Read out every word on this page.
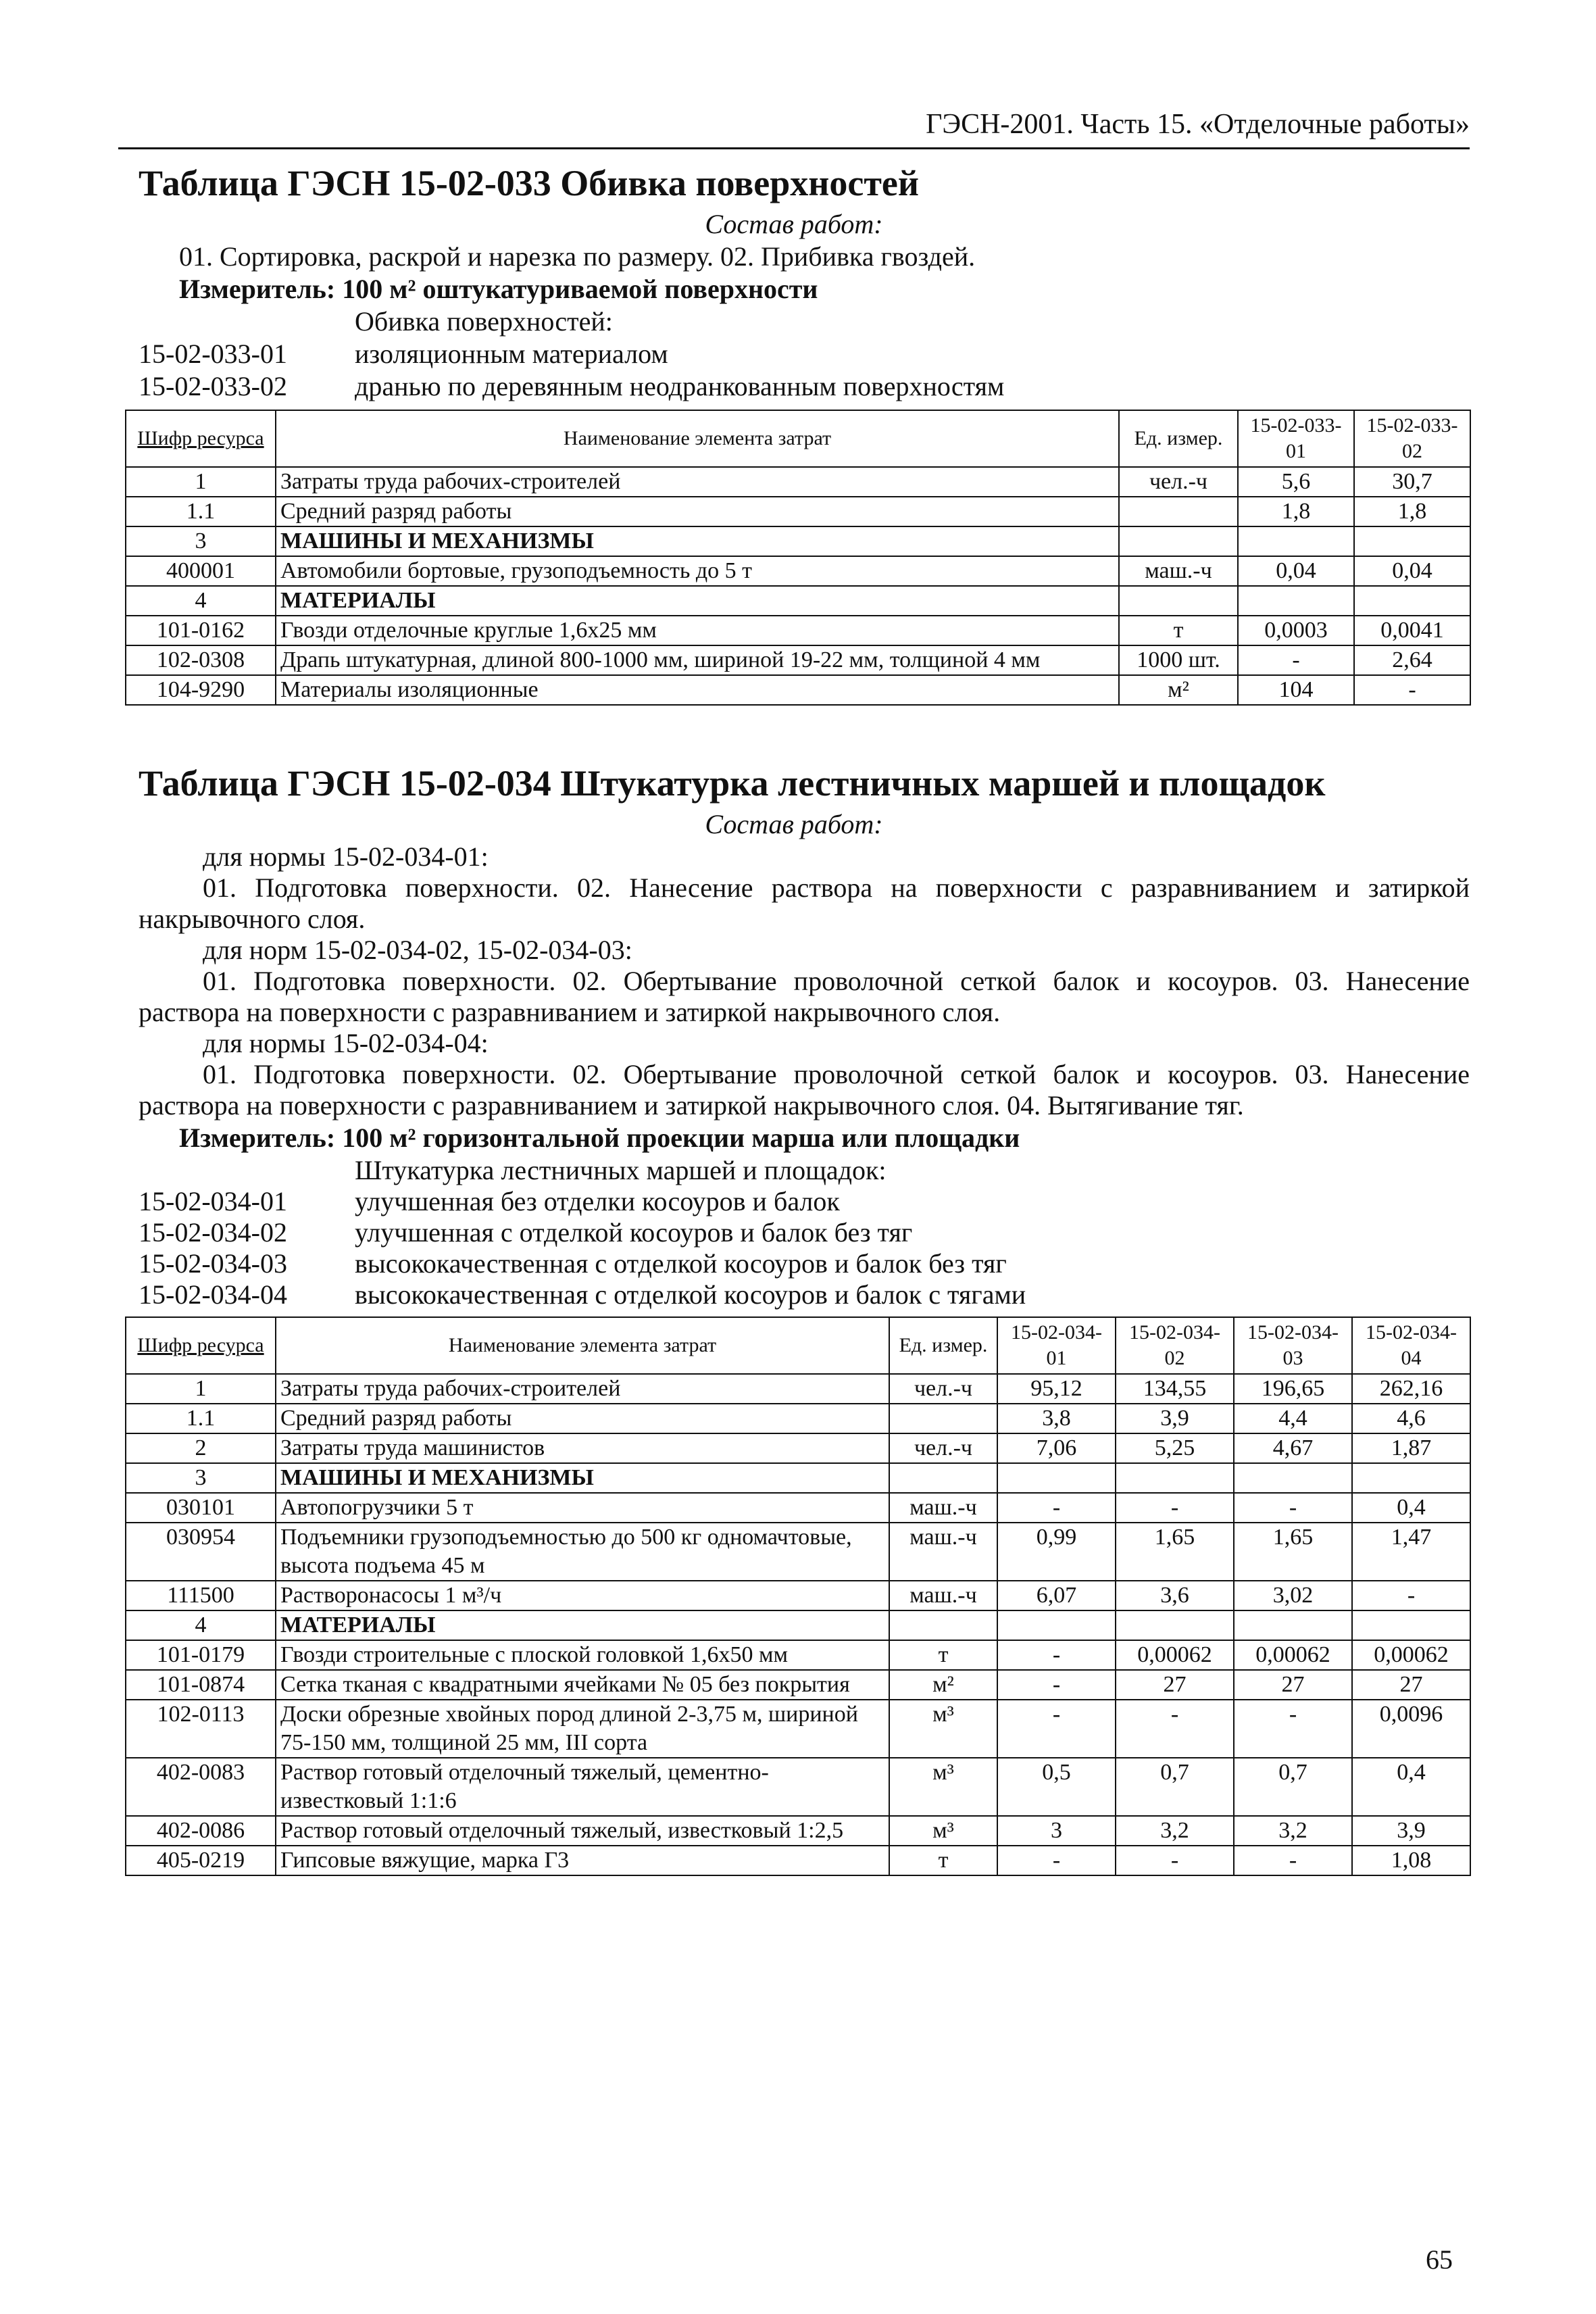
ГЭСН-2001. Часть 15. «Отделочные работы»
Таблица ГЭСН 15-02-033 Обивка поверхностей
Состав работ:
01. Сортировка, раскрой и нарезка по размеру. 02. Прибивка гвоздей.
Измеритель: 100 м² оштукатуриваемой поверхности
Обивка поверхностей:
15-02-033-01	изоляционным материалом
15-02-033-02	дранью по деревянным неодранкованным поверхностям
Шифр ресурса	Наименование элемента затрат	Ед. измер.	15-02-033-01	15-02-033-02
1	Затраты труда рабочих-строителей	чел.-ч	5,6	30,7
1.1	Средний разряд работы		1,8	1,8
3	МАШИНЫ И МЕХАНИЗМЫ			
400001	Автомобили бортовые, грузоподъемность до 5 т	маш.-ч	0,04	0,04
4	МАТЕРИАЛЫ			
101-0162	Гвозди отделочные круглые 1,6х25 мм	т	0,0003	0,0041
102-0308	Драпь штукатурная, длиной 800-1000 мм, шириной 19-22 мм, толщиной 4 мм	1000 шт.	-	2,64
104-9290	Материалы изоляционные	м²	104	-
Таблица ГЭСН 15-02-034 Штукатурка лестничных маршей и площадок
Состав работ:
для нормы 15-02-034-01:
01. Подготовка поверхности. 02. Нанесение раствора на поверхности с разравниванием и затиркой
накрывочного слоя.
для норм 15-02-034-02, 15-02-034-03:
01. Подготовка поверхности. 02. Обертывание проволочной сеткой балок и косоуров. 03. Нанесение
раствора на поверхности с разравниванием и затиркой накрывочного слоя.
для нормы 15-02-034-04:
01. Подготовка поверхности. 02. Обертывание проволочной сеткой балок и косоуров. 03. Нанесение
раствора на поверхности с разравниванием и затиркой накрывочного слоя. 04. Вытягивание тяг.
Измеритель: 100 м² горизонтальной проекции марша или площадки
Штукатурка лестничных маршей и площадок:
15-02-034-01	улучшенная без отделки косоуров и балок
15-02-034-02	улучшенная с отделкой косоуров и балок без тяг
15-02-034-03	высококачественная с отделкой косоуров и балок без тяг
15-02-034-04	высококачественная с отделкой косоуров и балок с тягами
Шифр ресурса	Наименование элемента затрат	Ед. измер.	15-02-034-01	15-02-034-02	15-02-034-03	15-02-034-04
1	Затраты труда рабочих-строителей	чел.-ч	95,12	134,55	196,65	262,16
1.1	Средний разряд работы		3,8	3,9	4,4	4,6
2	Затраты труда машинистов	чел.-ч	7,06	5,25	4,67	1,87
3	МАШИНЫ И МЕХАНИЗМЫ					
030101	Автопогрузчики 5 т	маш.-ч	-	-	-	0,4
030954	Подъемники грузоподъемностью до 500 кг одномачтовые, высота подъема 45 м	маш.-ч	0,99	1,65	1,65	1,47
111500	Растворонасосы 1 м³/ч	маш.-ч	6,07	3,6	3,02	-
4	МАТЕРИАЛЫ					
101-0179	Гвозди строительные с плоской головкой 1,6х50 мм	т	-	0,00062	0,00062	0,00062
101-0874	Сетка тканая с квадратными ячейками № 05 без покрытия	м²	-	27	27	27
102-0113	Доски обрезные хвойных пород длиной 2-3,75 м, шириной 75-150 мм, толщиной 25 мм, III сорта	м³	-	-	-	0,0096
402-0083	Раствор готовый отделочный тяжелый, цементно-известковый 1:1:6	м³	0,5	0,7	0,7	0,4
402-0086	Раствор готовый отделочный тяжелый, известковый 1:2,5	м³	3	3,2	3,2	3,9
405-0219	Гипсовые вяжущие, марка Г3	т	-	-	-	1,08
65
